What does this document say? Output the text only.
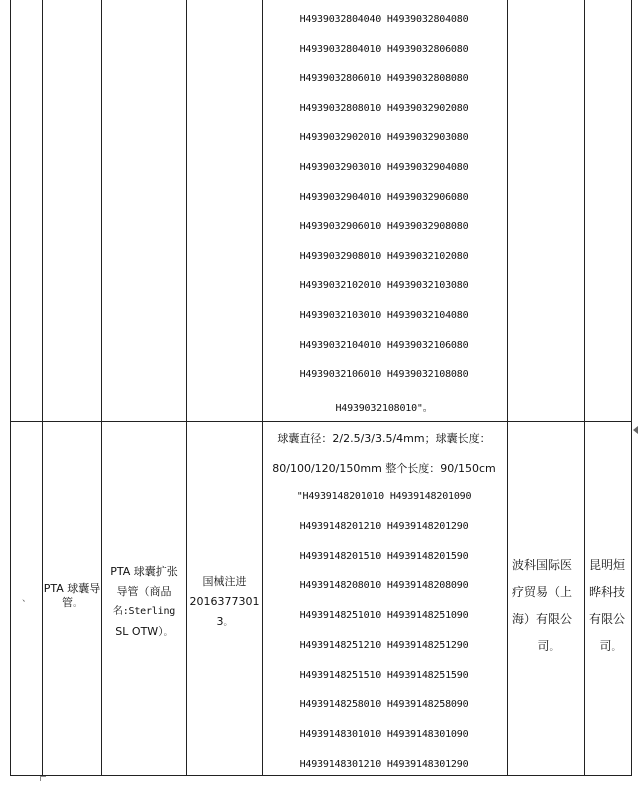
H4939032804040 H4939032804080
H4939032804010 H4939032806080
H4939032806010 H4939032808080
H4939032808010 H4939032902080
H4939032902010 H4939032903080
H4939032903010 H4939032904080
H4939032904010 H4939032906080
H4939032906010 H4939032908080
H4939032908010 H4939032102080
H4939032102010 H4939032103080
H4939032103010 H4939032104080
H4939032104010 H4939032106080
H4939032106010 H4939032108080
H4939032108010"。
、
PTA 球囊导管。
PTA 球囊扩张
导管（商品
名:Sterling
SL OTW）。
国械注进
2016377301
3。
球囊直径：2/2.5/3/3.5/4mm；球囊长度：
80/100/120/150mm 整个长度：90/150cm
"H4939148201010 H4939148201090
H4939148201210 H4939148201290
H4939148201510 H4939148201590
H4939148208010 H4939148208090
H4939148251010 H4939148251090
H4939148251210 H4939148251290
H4939148251510 H4939148251590
H4939148258010 H4939148258090
H4939148301010 H4939148301090
H4939148301210 H4939148301290
波科国际医
疗贸易（上
海）有限公
司。
昆明烜
晔科技
有限公
司。
